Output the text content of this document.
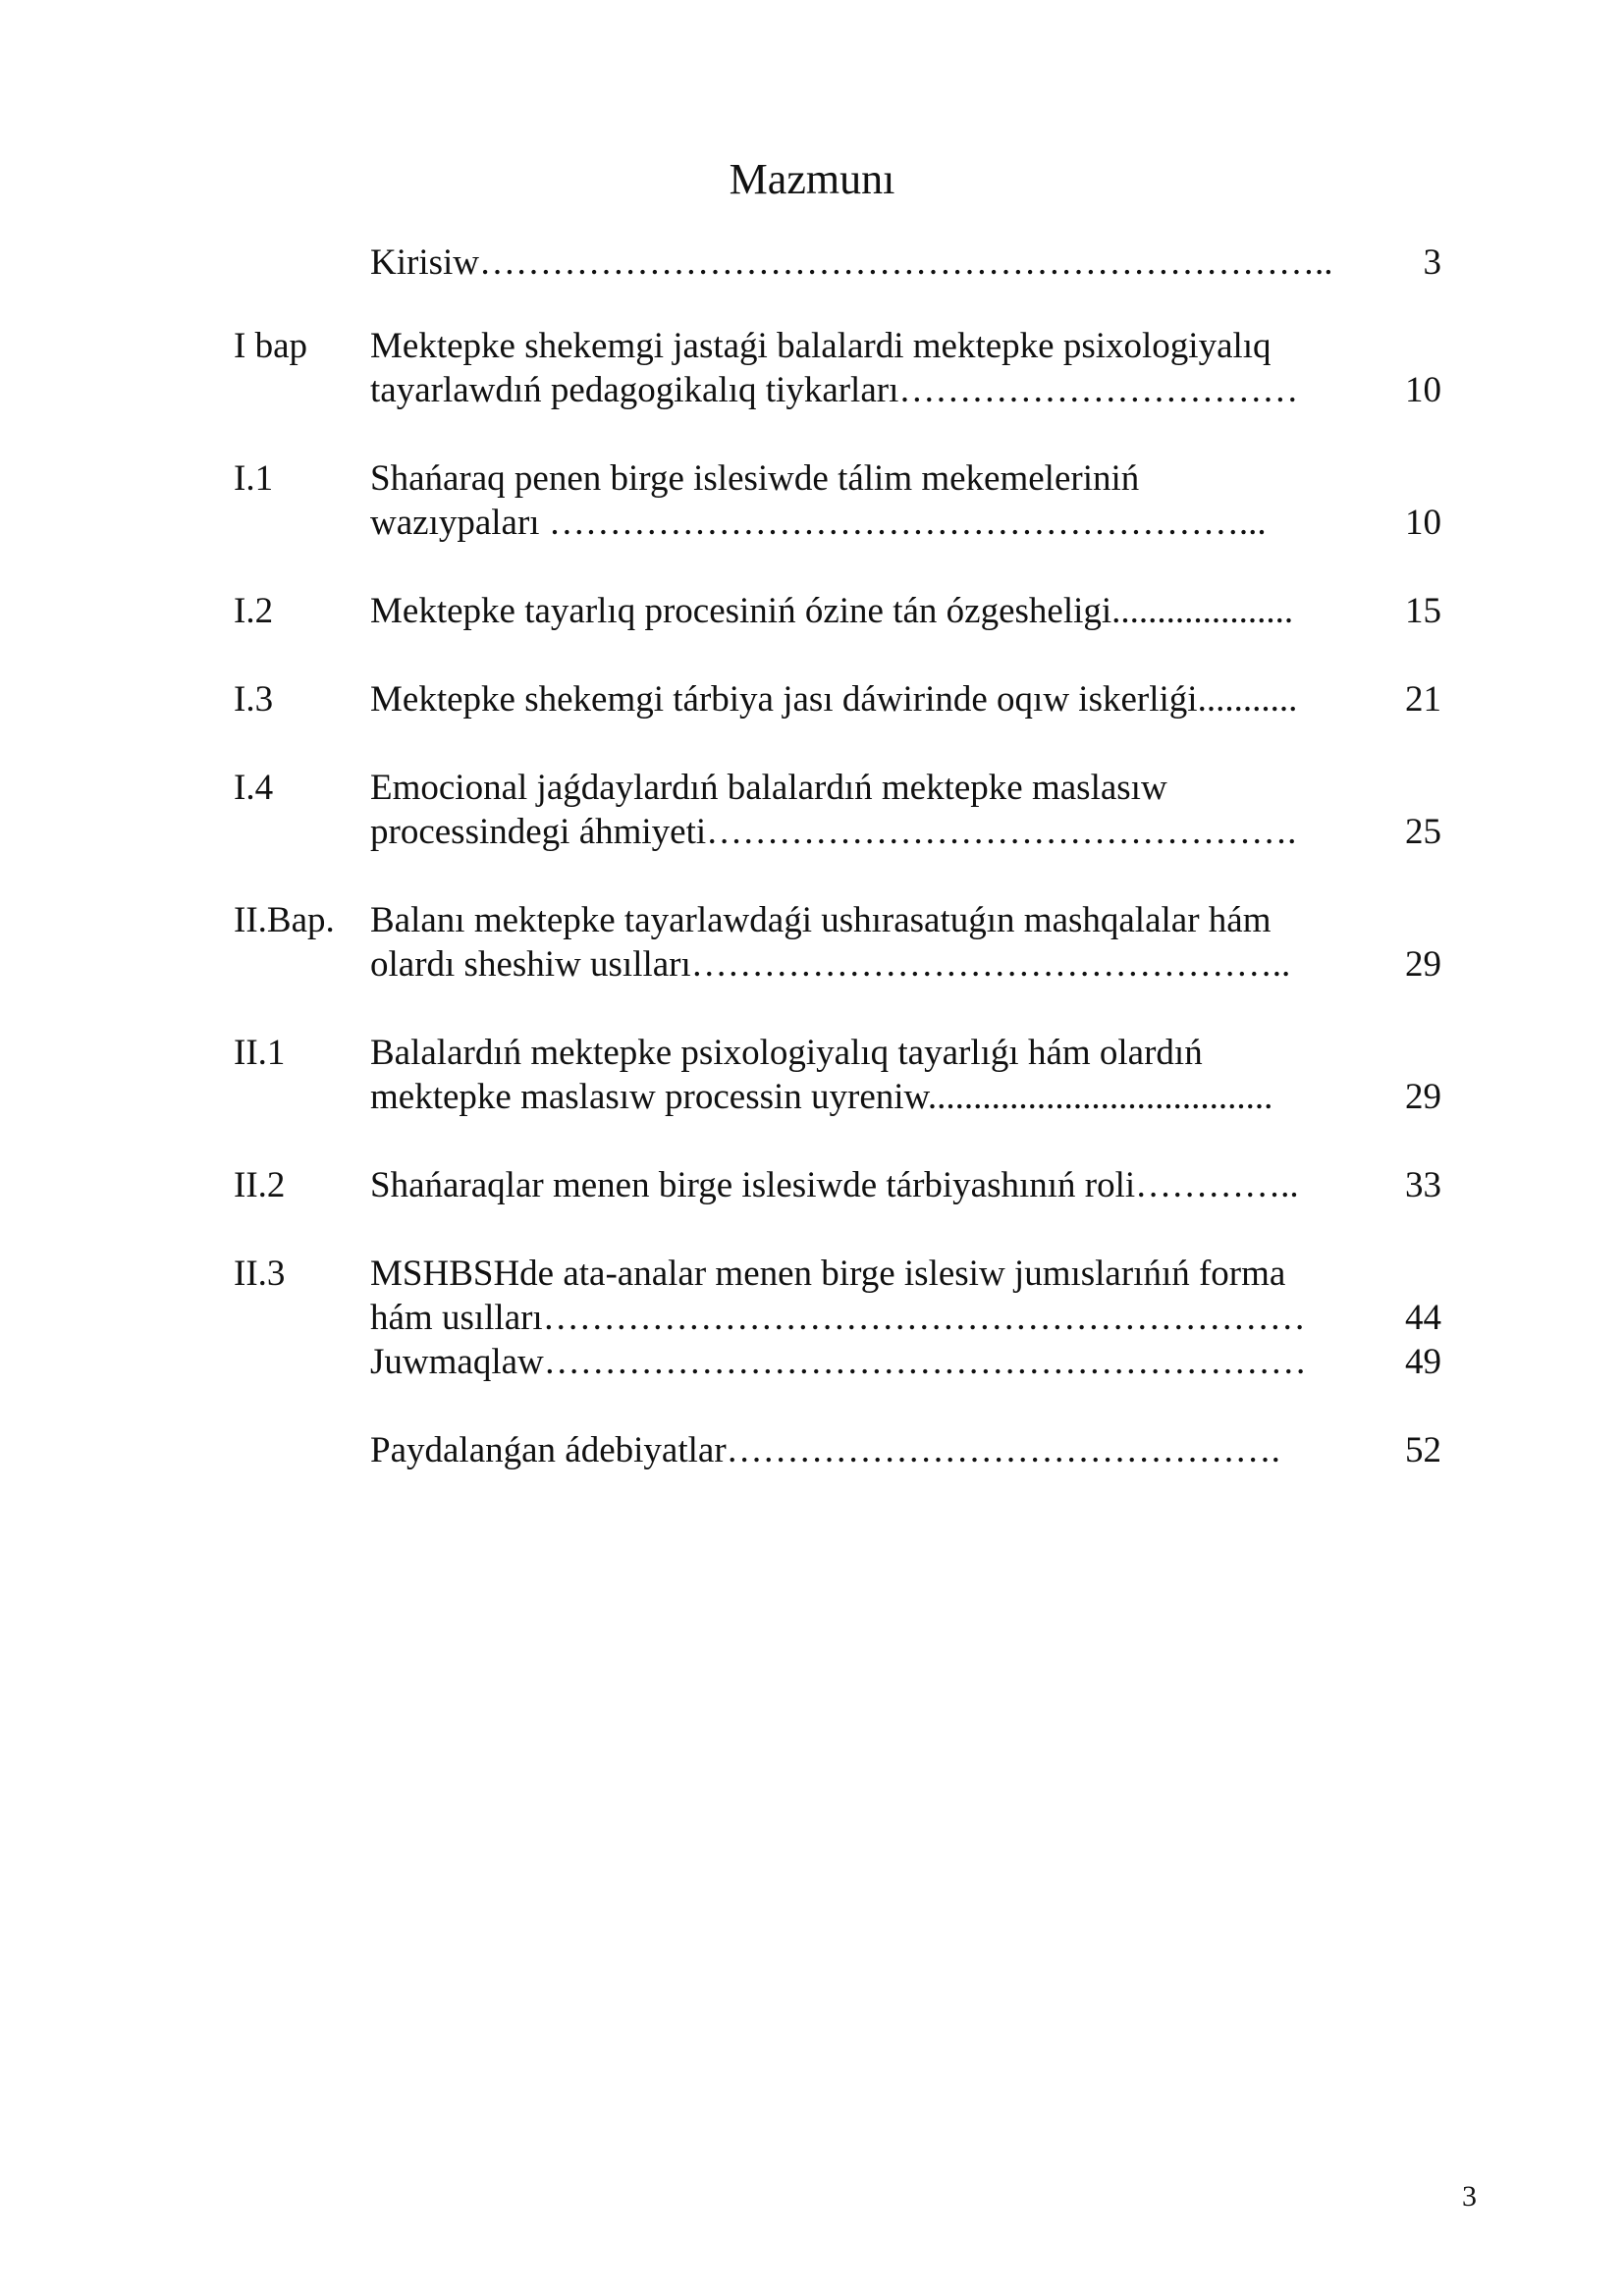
Mazmunı
Kirisiw……………………………………………………………..	3
I bap	Mektepke shekemgi jastaǵi balalardi mektepke psixologiyalıq
tayarlawdıń pedagogikalıq tiykarları……………………………	10
I.1	Shańaraq penen birge islesiwde tálim mekemeleriniń
wazıypaları …………………………………………………...	10
I.2	Mektepke tayarlıq procesiniń ózine tán ózgesheligi....................	15
I.3	Mektepke shekemgi tárbiya jası dáwirinde oqıw iskerliǵi...........	21
I.4	Emocional jaǵdaylardıń balalardıń mektepke maslasıw
processindegi áhmiyeti………………………………………….	25
II.Bap. Balanı mektepke tayarlawdaǵi ushırasatuǵın mashqalalar hám
olardı sheshiw usılları…………………………………………..	29
II.1	Balalardıń mektepke psixologiyalıq tayarlıǵı hám olardıń
mektepke maslasıw processin uyreniw......................................	29
II.2	Shańaraqlar menen birge islesiwde tárbiyashınıń roli…………..	33
II.3	MSHBSHde ata-analar menen birge islesiw jumıslarıńıń forma
hám usılları………………………………………………………	44
Juwmaqlaw………………………………………………………	49
Paydalanǵan ádebiyatlar……………………………………….	52
3
